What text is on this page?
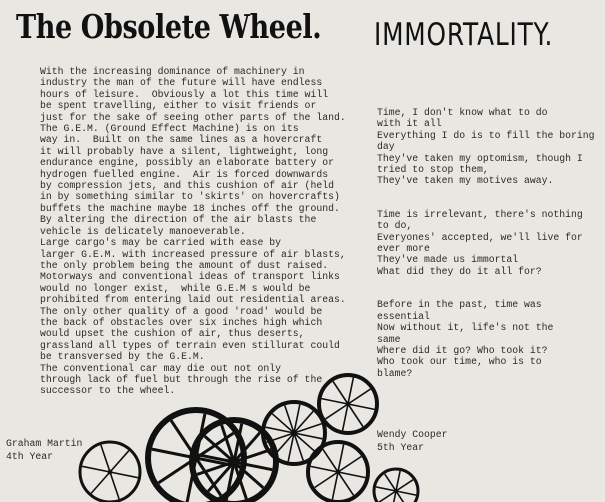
The Obsolete Wheel. IMMORTALITY.

With the increasing dominance of machinery in
industry the man of the future will have endless
hours of leisure.  Obviously a lot this time will
be spent travelling, either to visit friends or
just for the sake of seeing other parts of the land.

The G.E.M. (Ground Effect Machine) is on its
way in.  Built on the same lines as a hovercraft
it will probably have a silent, lightweight, long
endurance engine, possibly an elaborate battery or
hydrogen fuelled engine.  Air is forced downwards
by compression jets, and this cushion of air (held
in by something similar to 'skirts' on hovercrafts)
buffets the machine maybe 18 inches off the ground.
By altering the direction of the air blasts the
vehicle is delicately manoeverable.

Large cargo's may be carried with ease by
larger G.E.M. with increased pressure of air blasts,
the only problem being the amount of dust raised.
Motorways and conventional ideas of transport links
would no longer exist,  while G.E.M s would be
prohibited from entering laid out residential areas.
The only other quality of a good 'road' would be
the back of obstacles over six inches high which
would upset the cushion of air, thus deserts,
grassland all types of terrain even stillurat could
be transversed by the G.E.M.

The conventional car may die out not only
through lack of fuel but through the rise of the
successor to the wheel.

Graham Martin
4th Year
Time, I don't know what to do
with it all
Everything I do is to fill the boring
day
They've taken my optomism, though I
tried to stop them,
They've taken my motives away.
Time is irrelevant, there's nothing
to do,
Everyones' accepted, we'll live for
ever more
They've made us immortal
What did they do it all for?
Before in the past, time was
essential
Now without it, life's not the
same
Where did it go? Who took it?
Who took our time, who is to
blame?
Wendy Cooper
5th Year
